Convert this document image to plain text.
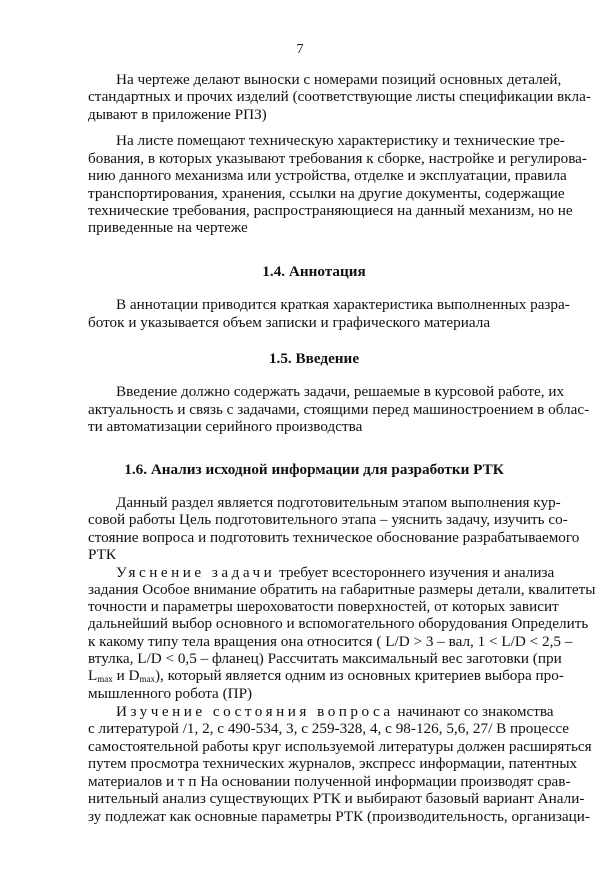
7
На чертеже делают выноски с номерами позиций основных деталей,
стандартных и прочих изделий (соответствующие листы спецификации вкла-
дывают в приложение РПЗ)
На листе помещают техническую характеристику и технические тре-
бования, в которых указывают требования к сборке, настройке и регулирова-
нию данного механизма или устройства, отделке и эксплуатации, правила
транспортирования, хранения, ссылки на другие документы, содержащие
технические требования, распространяющиеся на данный механизм, но не
приведенные на чертеже
1.4. Аннотация
В аннотации приводится краткая характеристика выполненных разра-
боток и указывается объем записки и графического материала
1.5. Введение
Введение должно содержать задачи, решаемые в курсовой работе, их
актуальность и связь с задачами, стоящими перед машиностроением в облас-
ти автоматизации серийного производства
1.6. Анализ исходной информации для разработки РТК
Данный раздел является подготовительным этапом выполнения кур-
совой работы Цель подготовительного этапа – уяснить задачу, изучить со-
стояние вопроса и подготовить техническое обоснование разрабатываемого
РТК
Уяснение задачи требует всестороннего изучения и анализа
задания Особое внимание обратить на габаритные размеры детали, квалитеты
точности и параметры шероховатости поверхностей, от которых зависит
дальнейший выбор основного и вспомогательного оборудования Определить
к какому типу тела вращения она относится ( L/D > 3 – вал, 1 < L/D < 2,5 –
втулка, L/D < 0,5 – фланец) Рассчитать максимальный вес заготовки (при
$L_{max}$ и $D_{max}$), который является одним из основных критериев выбора про-
мышленного робота (ПР)
Изучение состояния вопроса начинают со знакомства
с литературой /1, 2, с 490-534, 3, с 259-328, 4, с 98-126, 5,6, 27/ В процессе
самостоятельной работы круг используемой литературы должен расширяться
путем просмотра технических журналов, экспресс информации, патентных
материалов и т п На основании полученной информации производят срав-
нительный анализ существующих РТК и выбирают базовый вариант Анали-
зу подлежат как основные параметры РТК (производительность, организаци-
